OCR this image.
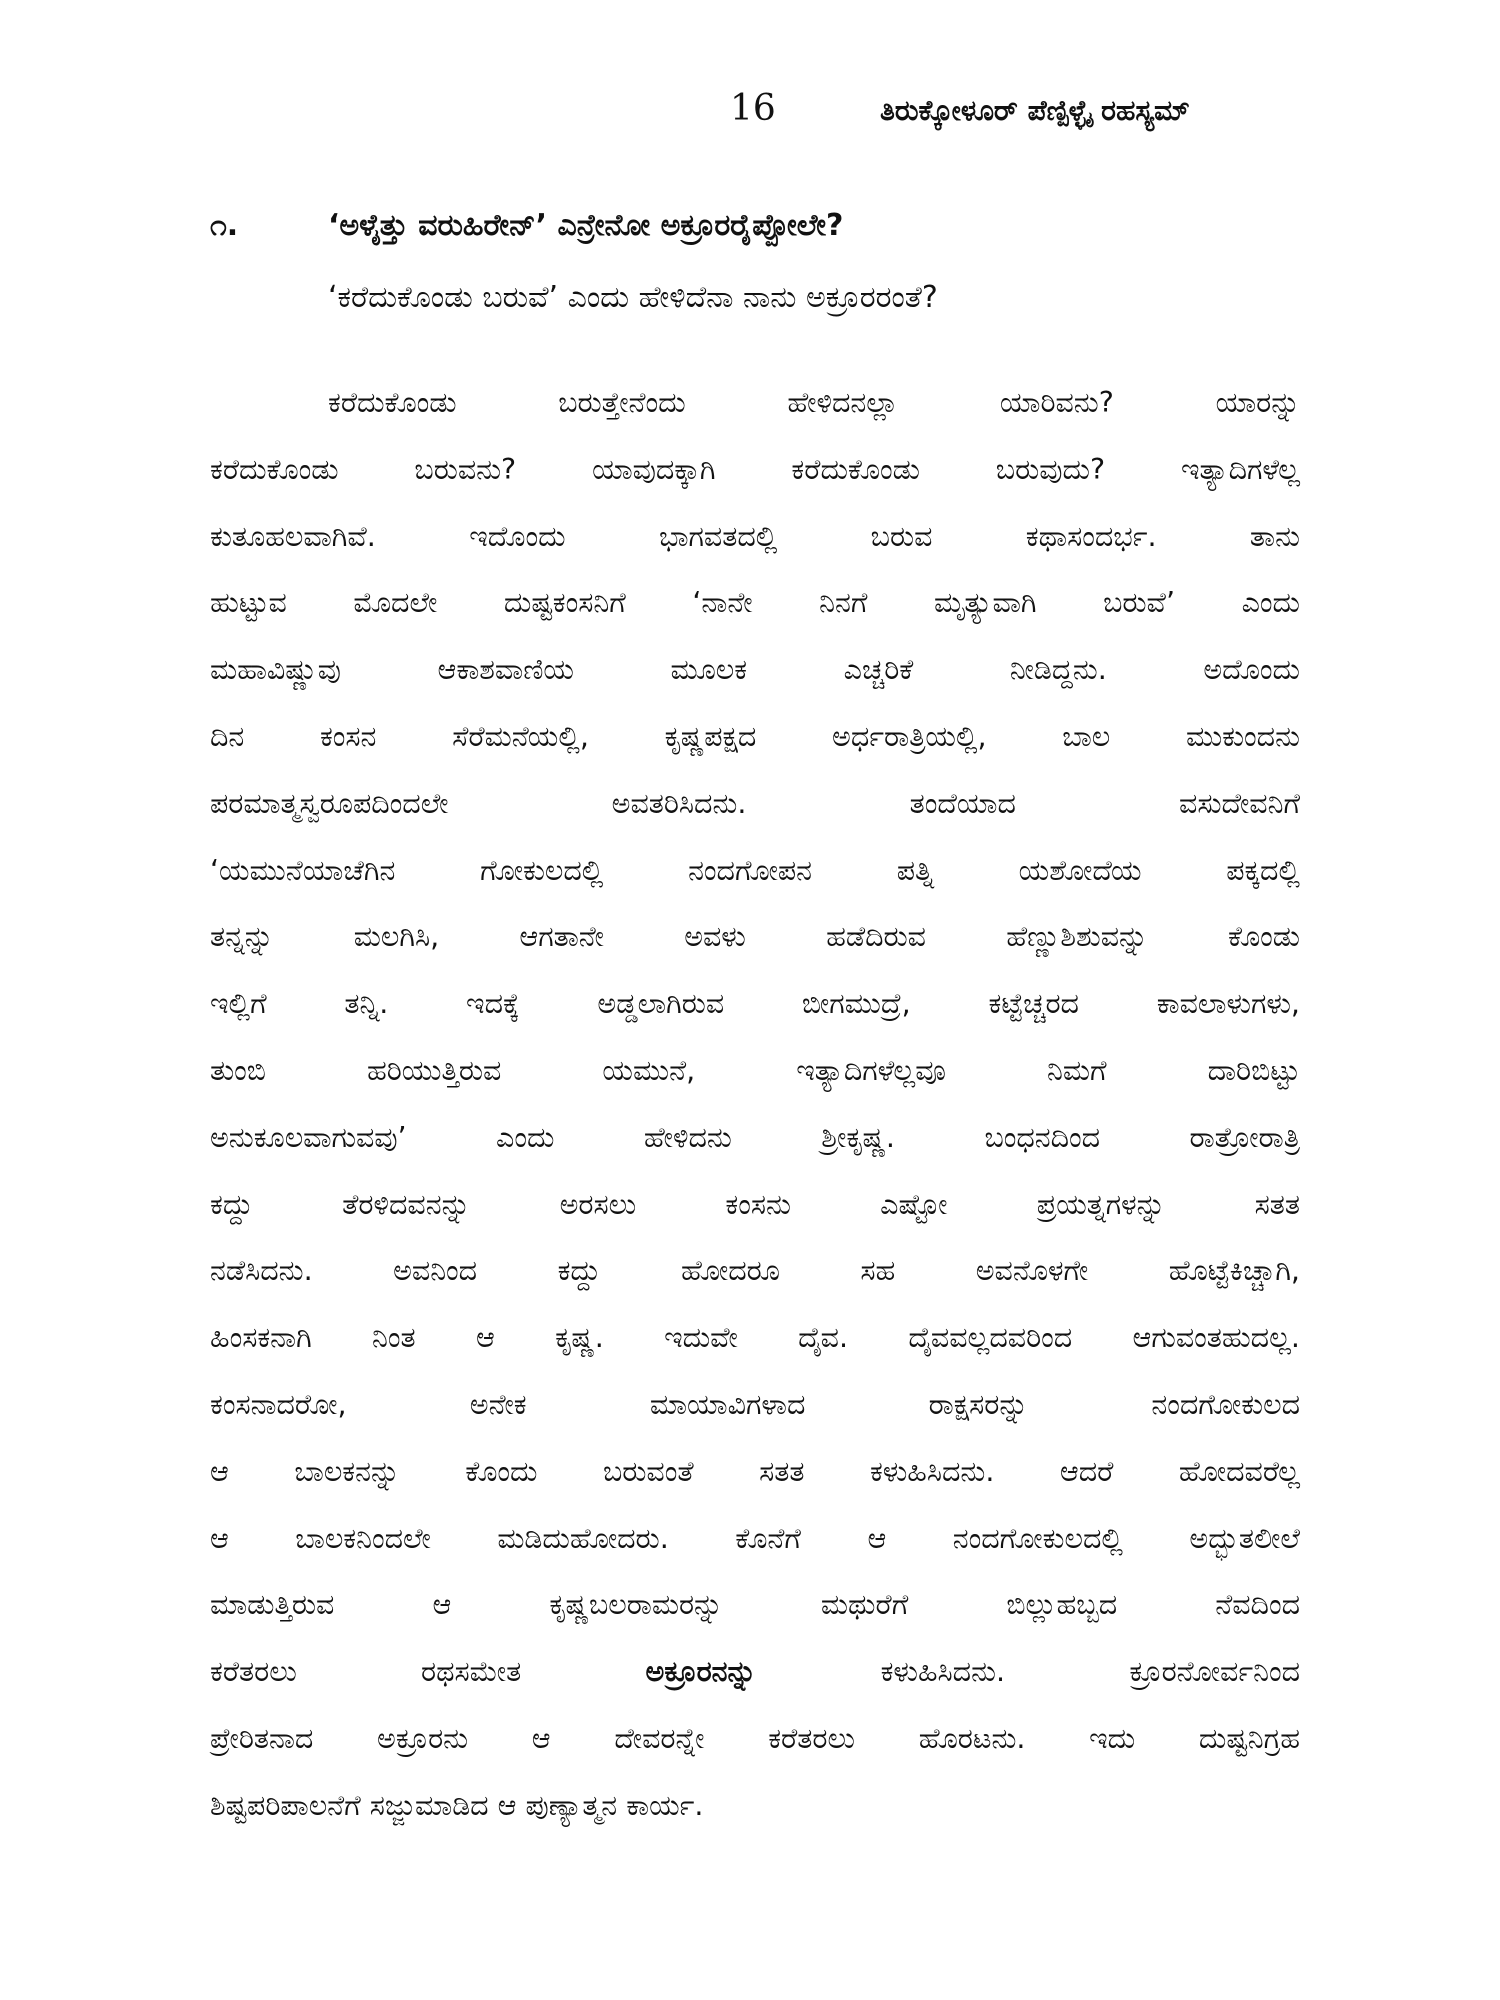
16	ತಿರುಕ್ಕೋಳೂರ್ ಪೆಣ್ಪಿಳ್ಳೈ ರಹಸ್ಯಮ್
೧.	‘ಅಳೈತ್ತು ವರುಹಿರೇನ್’ ಎನ್ರೇನೋ ಅಕ್ರೂರರೈಪ್ಪೋಲೇ?
‘ಕರೆದುಕೊಂಡು ಬರುವೆ’ ಎಂದು ಹೇಳಿದೆನಾ ನಾನು ಅಕ್ರೂರರಂತೆ?
ಕರೆದುಕೊಂಡು ಬರುತ್ತೇನೆಂದು ಹೇಳಿದನಲ್ಲಾ ಯಾರಿವನು? ಯಾರನ್ನು
ಕರೆದುಕೊಂಡು ಬರುವನು? ಯಾವುದಕ್ಕಾಗಿ ಕರೆದುಕೊಂಡು ಬರುವುದು? ಇತ್ಯಾದಿಗಳೆಲ್ಲ
ಕುತೂಹಲವಾಗಿವೆ. ಇದೊಂದು ಭಾಗವತದಲ್ಲಿ ಬರುವ ಕಥಾಸಂದರ್ಭ. ತಾನು
ಹುಟ್ಟುವ ಮೊದಲೇ ದುಷ್ಟಕಂಸನಿಗೆ ‘ನಾನೇ ನಿನಗೆ ಮೃತ್ಯುವಾಗಿ ಬರುವೆ’ ಎಂದು
ಮಹಾವಿಷ್ಣುವು ಆಕಾಶವಾಣಿಯ ಮೂಲಕ ಎಚ್ಚರಿಕೆ ನೀಡಿದ್ದನು. ಅದೊಂದು
ದಿನ ಕಂಸನ ಸೆರೆಮನೆಯಲ್ಲಿ, ಕೃಷ್ಣಪಕ್ಷದ ಅರ್ಧರಾತ್ರಿಯಲ್ಲಿ, ಬಾಲ ಮುಕುಂದನು
ಪರಮಾತ್ಮಸ್ವರೂಪದಿಂದಲೇ ಅವತರಿಸಿದನು. ತಂದೆಯಾದ ವಸುದೇವನಿಗೆ
‘ಯಮುನೆಯಾಚೆಗಿನ ಗೋಕುಲದಲ್ಲಿ ನಂದಗೋಪನ ಪತ್ನಿ ಯಶೋದೆಯ ಪಕ್ಕದಲ್ಲಿ
ತನ್ನನ್ನು ಮಲಗಿಸಿ, ಆಗತಾನೇ ಅವಳು ಹಡೆದಿರುವ ಹೆಣ್ಣುಶಿಶುವನ್ನು ಕೊಂಡು
ಇಲ್ಲಿಗೆ ತನ್ನಿ. ಇದಕ್ಕೆ ಅಡ್ಡಲಾಗಿರುವ ಬೀಗಮುದ್ರೆ, ಕಟ್ಟೆಚ್ಚರದ ಕಾವಲಾಳುಗಳು,
ತುಂಬಿ ಹರಿಯುತ್ತಿರುವ ಯಮುನೆ, ಇತ್ಯಾದಿಗಳೆಲ್ಲವೂ ನಿಮಗೆ ದಾರಿಬಿಟ್ಟು
ಅನುಕೂಲವಾಗುವವು’ ಎಂದು ಹೇಳಿದನು ಶ್ರೀಕೃಷ್ಣ. ಬಂಧನದಿಂದ ರಾತ್ರೋರಾತ್ರಿ
ಕದ್ದು ತೆರಳಿದವನನ್ನು ಅರಸಲು ಕಂಸನು ಎಷ್ಟೋ ಪ್ರಯತ್ನಗಳನ್ನು ಸತತ
ನಡೆಸಿದನು. ಅವನಿಂದ ಕದ್ದು ಹೋದರೂ ಸಹ ಅವನೊಳಗೇ ಹೊಟ್ಟೆಕಿಚ್ಚಾಗಿ,
ಹಿಂಸಕನಾಗಿ ನಿಂತ ಆ ಕೃಷ್ಣ. ಇದುವೇ ದೈವ. ದೈವವಲ್ಲದವರಿಂದ ಆಗುವಂತಹುದಲ್ಲ.
ಕಂಸನಾದರೋ, ಅನೇಕ ಮಾಯಾವಿಗಳಾದ ರಾಕ್ಷಸರನ್ನು ನಂದಗೋಕುಲದ
ಆ ಬಾಲಕನನ್ನು ಕೊಂದು ಬರುವಂತೆ ಸತತ ಕಳುಹಿಸಿದನು. ಆದರೆ ಹೋದವರೆಲ್ಲ
ಆ ಬಾಲಕನಿಂದಲೇ ಮಡಿದುಹೋದರು. ಕೊನೆಗೆ ಆ ನಂದಗೋಕುಲದಲ್ಲಿ ಅದ್ಭುತಲೀಲೆ
ಮಾಡುತ್ತಿರುವ ಆ ಕೃಷ್ಣಬಲರಾಮರನ್ನು ಮಥುರೆಗೆ ಬಿಲ್ಲುಹಬ್ಬದ ನೆವದಿಂದ
ಕರೆತರಲು ರಥಸಮೇತ ಅಕ್ರೂರನನ್ನು ಕಳುಹಿಸಿದನು. ಕ್ರೂರನೋರ್ವನಿಂದ
ಪ್ರೇರಿತನಾದ ಅಕ್ರೂರನು ಆ ದೇವರನ್ನೇ ಕರೆತರಲು ಹೊರಟನು. ಇದು ದುಷ್ಟನಿಗ್ರಹ
ಶಿಷ್ಟಪರಿಪಾಲನೆಗೆ ಸಜ್ಜುಮಾಡಿದ ಆ ಪುಣ್ಯಾತ್ಮನ ಕಾರ್ಯ.
